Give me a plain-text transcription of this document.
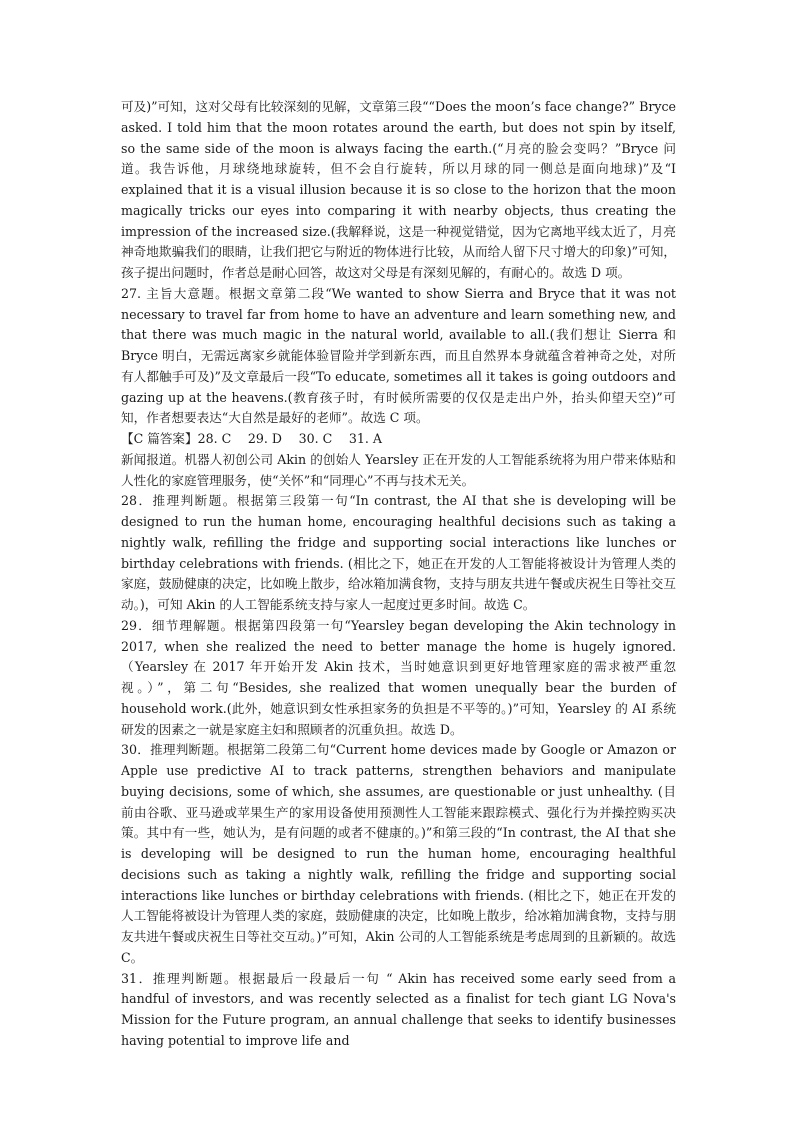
可及)”可知，这对父母有比较深刻的见解，文章第三段““Does the moon’s face change?” Bryce asked. I told him that the moon rotates around the earth, but does not spin by itself, so the same side of the moon is always facing the earth.(“月亮的脸会变吗？”Bryce 问道。我告诉他，月球绕地球旋转，但不会自行旋转，所以月球的同一侧总是面向地球)”及“I explained that it is a visual illusion because it is so close to the horizon that the moon magically tricks our eyes into comparing it with nearby objects, thus creating the impression of the increased size.(我解释说，这是一种视觉错觉，因为它离地平线太近了，月亮神奇地欺骗我们的眼睛，让我们把它与附近的物体进行比较，从而给人留下尺寸增大的印象)”可知，孩子提出问题时，作者总是耐心回答，故这对父母是有深刻见解的，有耐心的。故选 D 项。

27. 主旨大意题。根据文章第二段“We wanted to show Sierra and Bryce that it was not necessary to travel far from home to have an adventure and learn something new, and that there was much magic in the natural world, available to all.(我们想让 Sierra 和 Bryce 明白，无需远离家乡就能体验冒险并学到新东西，而且自然界本身就蕴含着神奇之处，对所有人都触手可及)”及文章最后一段“To educate, sometimes all it takes is going outdoors and gazing up at the heavens.(教育孩子时，有时候所需要的仅仅是走出户外，抬头仰望天空)”可知，作者想要表达“大自然是最好的老师”。故选 C 项。

【C 篇答案】28. C　 29. D　 30. C　 31. A

新闻报道。机器人初创公司 Akin 的创始人 Yearsley 正在开发的人工智能系统将为用户带来体贴和人性化的家庭管理服务，使“关怀”和“同理心”不再与技术无关。

28．推理判断题。根据第三段第一句“In contrast, the AI that she is developing will be designed to run the human home, encouraging healthful decisions such as taking a nightly walk, refilling the fridge and supporting social interactions like lunches or birthday celebrations with friends. (相比之下，她正在开发的人工智能将被设计为管理人类的家庭，鼓励健康的决定，比如晚上散步，给冰箱加满食物，支持与朋友共进午餐或庆祝生日等社交互动。)，可知 Akin 的人工智能系统支持与家人一起度过更多时间。故选 C。

29．细节理解题。根据第四段第一句“Yearsley began developing the Akin technology in 2017, when she realized the need to better manage the home is hugely ignored.（Yearsley 在 2017 年开始开发 Akin 技术，当时她意识到更好地管理家庭的需求被严重忽视。）”，第二句“Besides, she realized that women unequally bear the burden of household work.(此外，她意识到女性承担家务的负担是不平等的。)”可知，Yearsley 的 AI 系统研发的因素之一就是家庭主妇和照顾者的沉重负担。故选 D。

30．推理判断题。根据第二段第二句“Current home devices made by Google or Amazon or Apple use predictive AI to track patterns, strengthen behaviors and manipulate buying decisions, some of which, she assumes, are questionable or just unhealthy. (目前由谷歌、亚马逊或苹果生产的家用设备使用预测性人工智能来跟踪模式、强化行为并操控购买决策。其中有一些，她认为，是有问题的或者不健康的。)”和第三段的“In contrast, the AI that she is developing will be designed to run the human home, encouraging healthful decisions such as taking a nightly walk, refilling the fridge and supporting social interactions like lunches or birthday celebrations with friends. (相比之下，她正在开发的人工智能将被设计为管理人类的家庭，鼓励健康的决定，比如晚上散步，给冰箱加满食物，支持与朋友共进午餐或庆祝生日等社交互动。)”可知，Akin 公司的人工智能系统是考虑周到的且新颖的。故选 C。

31．推理判断题。根据最后一段最后一句 “ Akin has received some early seed from a handful of investors, and was recently selected as a finalist for tech giant LG Nova's Mission for the Future program, an annual challenge that seeks to identify businesses having potential to improve life and
